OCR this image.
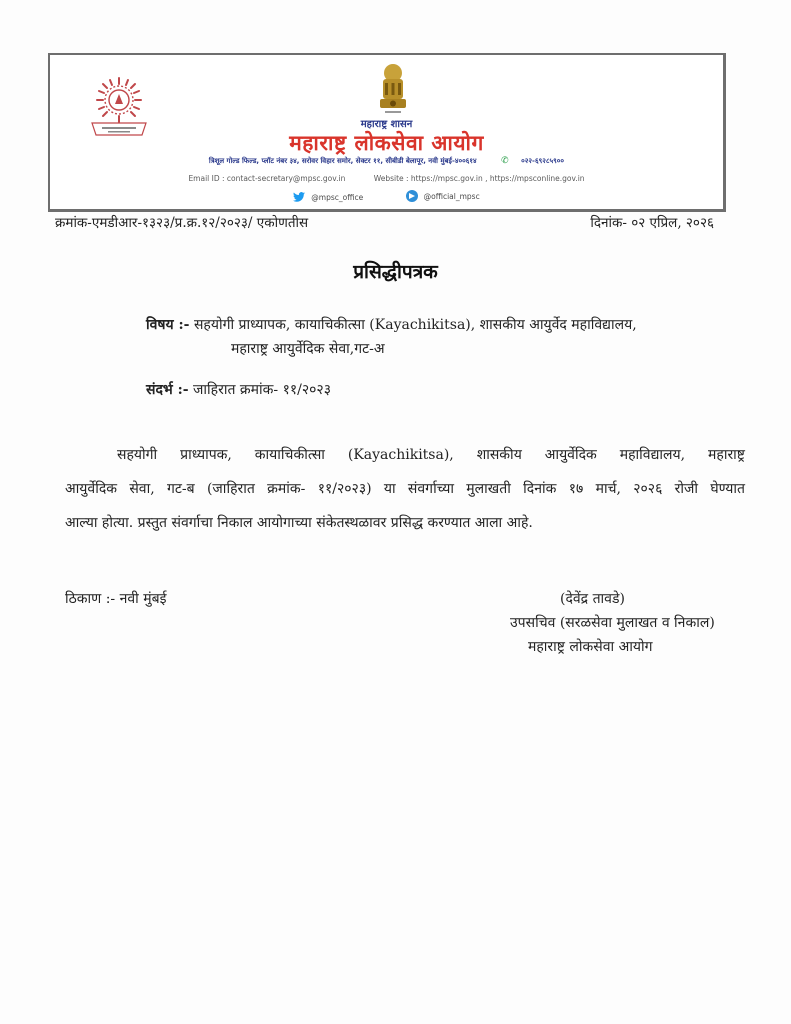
महाराष्ट्र शासन
महाराष्ट्र लोकसेवा आयोग
त्रिशूल गोल्ड फिल्ड, प्लॉट नंबर ३४, सरोवर विहार समोर, सेक्टर ११, सीबीडी बेलापूर, नवी मुंबई-४००६१४	✆ ०२२-६९२८५९००
Email ID : contact-secretary@mpsc.gov.in	Website : https://mpsc.gov.in , https://mpsconline.gov.in
@mpsc_office
	@official_mpsc
क्रमांक-एमडीआर-१३२३/प्र.क्र.१२/२०२३/ एकोणतीस	दिनांक- ०२ एप्रिल, २०२६
प्रसिद्धीपत्रक
विषय :- सहयोगी प्राध्यापक, कायाचिकीत्सा (Kayachikitsa), शासकीय आयुर्वेद महाविद्यालय,
महाराष्ट्र आयुर्वेदिक सेवा,गट-अ
संदर्भ :- जाहिरात क्रमांक- ११/२०२३
सहयोगी प्राध्यापक, कायाचिकीत्सा (Kayachikitsa), शासकीय आयुर्वेदिक महाविद्यालय, महाराष्ट्र
आयुर्वेदिक सेवा, गट-ब (जाहिरात क्रमांक- ११/२०२३) या संवर्गाच्या मुलाखती दिनांक १७ मार्च, २०२६ रोजी घेण्यात
आल्या होत्या. प्रस्तुत संवर्गाचा निकाल आयोगाच्या संकेतस्थळावर प्रसिद्ध करण्यात आला आहे.
ठिकाण :- नवी मुंबई	(देवेंद्र तावडे)
उपसचिव (सरळसेवा मुलाखत व निकाल)
महाराष्ट्र लोकसेवा आयोग
